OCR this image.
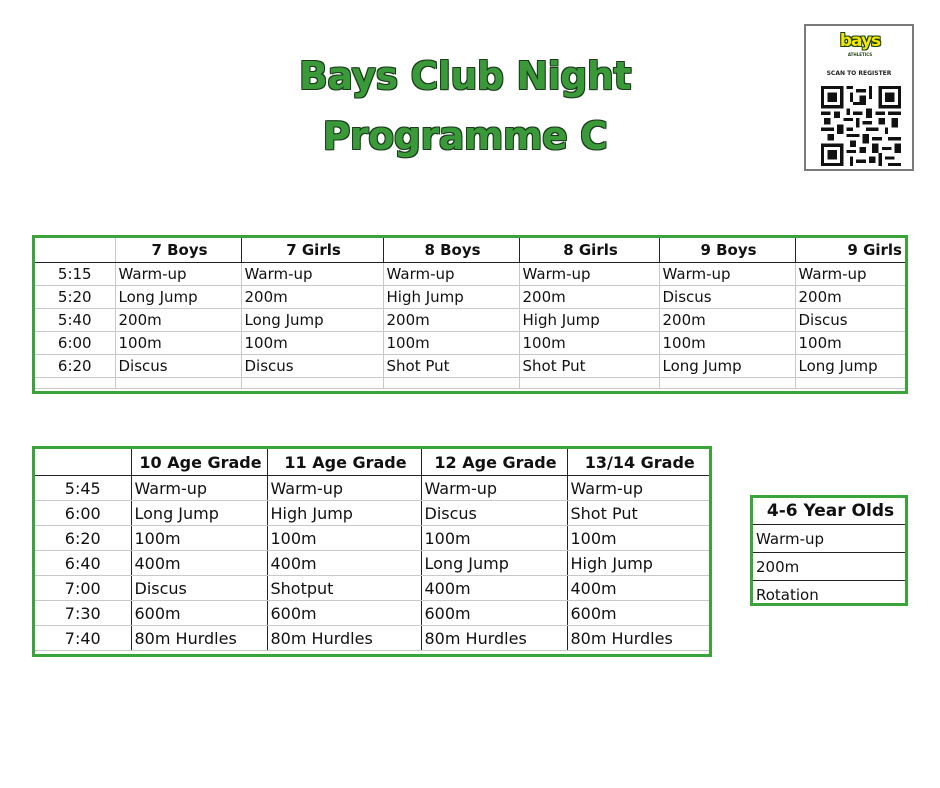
Bays Club Night
Programme C
bays
ATHLETICS
SCAN TO REGISTER
	7 Boys	7 Girls	8 Boys	8 Girls	9 Boys	9 Girls
5:15	Warm-up	Warm-up	Warm-up	Warm-up	Warm-up	Warm-up
5:20	Long Jump	200m	High Jump	200m	Discus	200m
5:40	200m	Long Jump	200m	High Jump	200m	Discus
6:00	100m	100m	100m	100m	100m	100m
6:20	Discus	Discus	Shot Put	Shot Put	Long Jump	Long Jump

	10 Age Grade	11 Age Grade	12 Age Grade	13/14 Grade
5:45	Warm-up	Warm-up	Warm-up	Warm-up
6:00	Long Jump	High Jump	Discus	Shot Put
6:20	100m	100m	100m	100m
6:40	400m	400m	Long Jump	High Jump
7:00	Discus	Shotput	400m	400m
7:30	600m	600m	600m	600m
7:40	80m Hurdles	80m Hurdles	80m Hurdles	80m Hurdles
4-6 Year Olds
Warm-up
200m
Rotation
